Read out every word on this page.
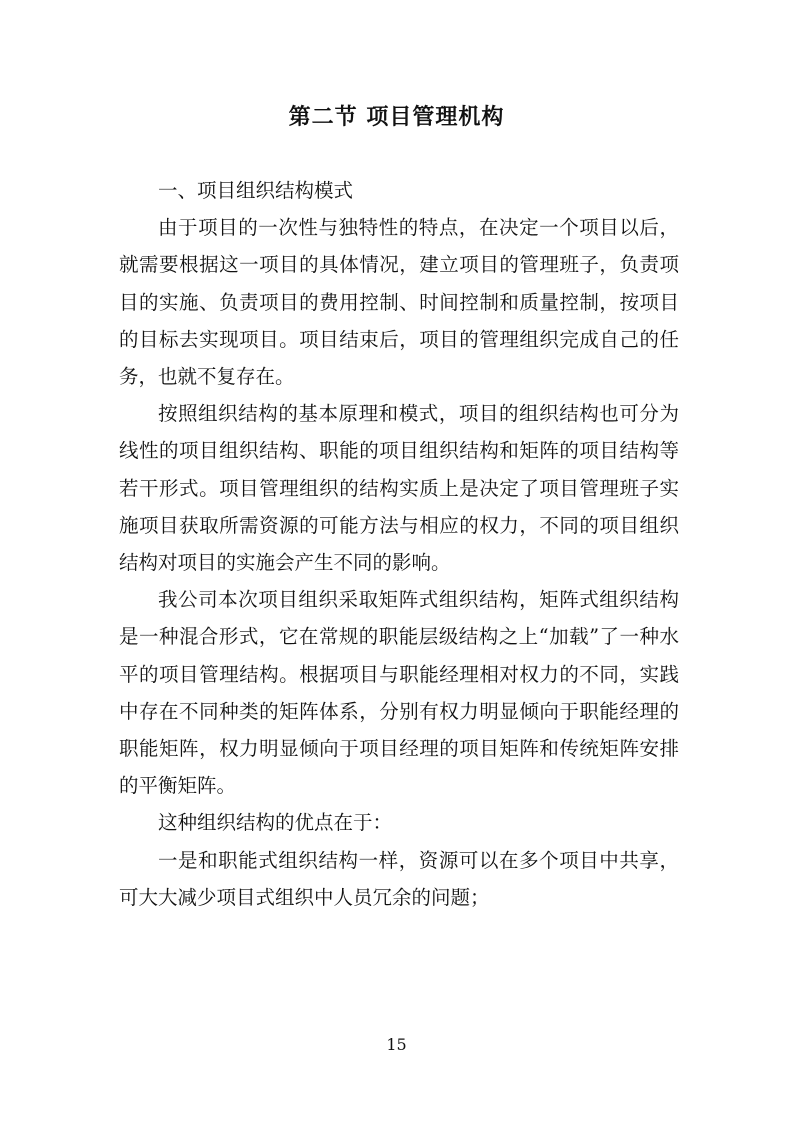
第二节 项目管理机构

一、项目组织结构模式

由于项目的一次性与独特性的特点，在决定一个项目以后，就需要根据这一项目的具体情况，建立项目的管理班子，负责项目的实施、负责项目的费用控制、时间控制和质量控制，按项目的目标去实现项目。项目结束后，项目的管理组织完成自己的任务，也就不复存在。

按照组织结构的基本原理和模式，项目的组织结构也可分为线性的项目组织结构、职能的项目组织结构和矩阵的项目结构等若干形式。项目管理组织的结构实质上是决定了项目管理班子实施项目获取所需资源的可能方法与相应的权力，不同的项目组织结构对项目的实施会产生不同的影响。

我公司本次项目组织采取矩阵式组织结构，矩阵式组织结构是一种混合形式，它在常规的职能层级结构之上“加载”了一种水平的项目管理结构。根据项目与职能经理相对权力的不同，实践中存在不同种类的矩阵体系，分别有权力明显倾向于职能经理的职能矩阵，权力明显倾向于项目经理的项目矩阵和传统矩阵安排的平衡矩阵。

这种组织结构的优点在于：

一是和职能式组织结构一样，资源可以在多个项目中共享，可大大减少项目式组织中人员冗余的问题；

15
